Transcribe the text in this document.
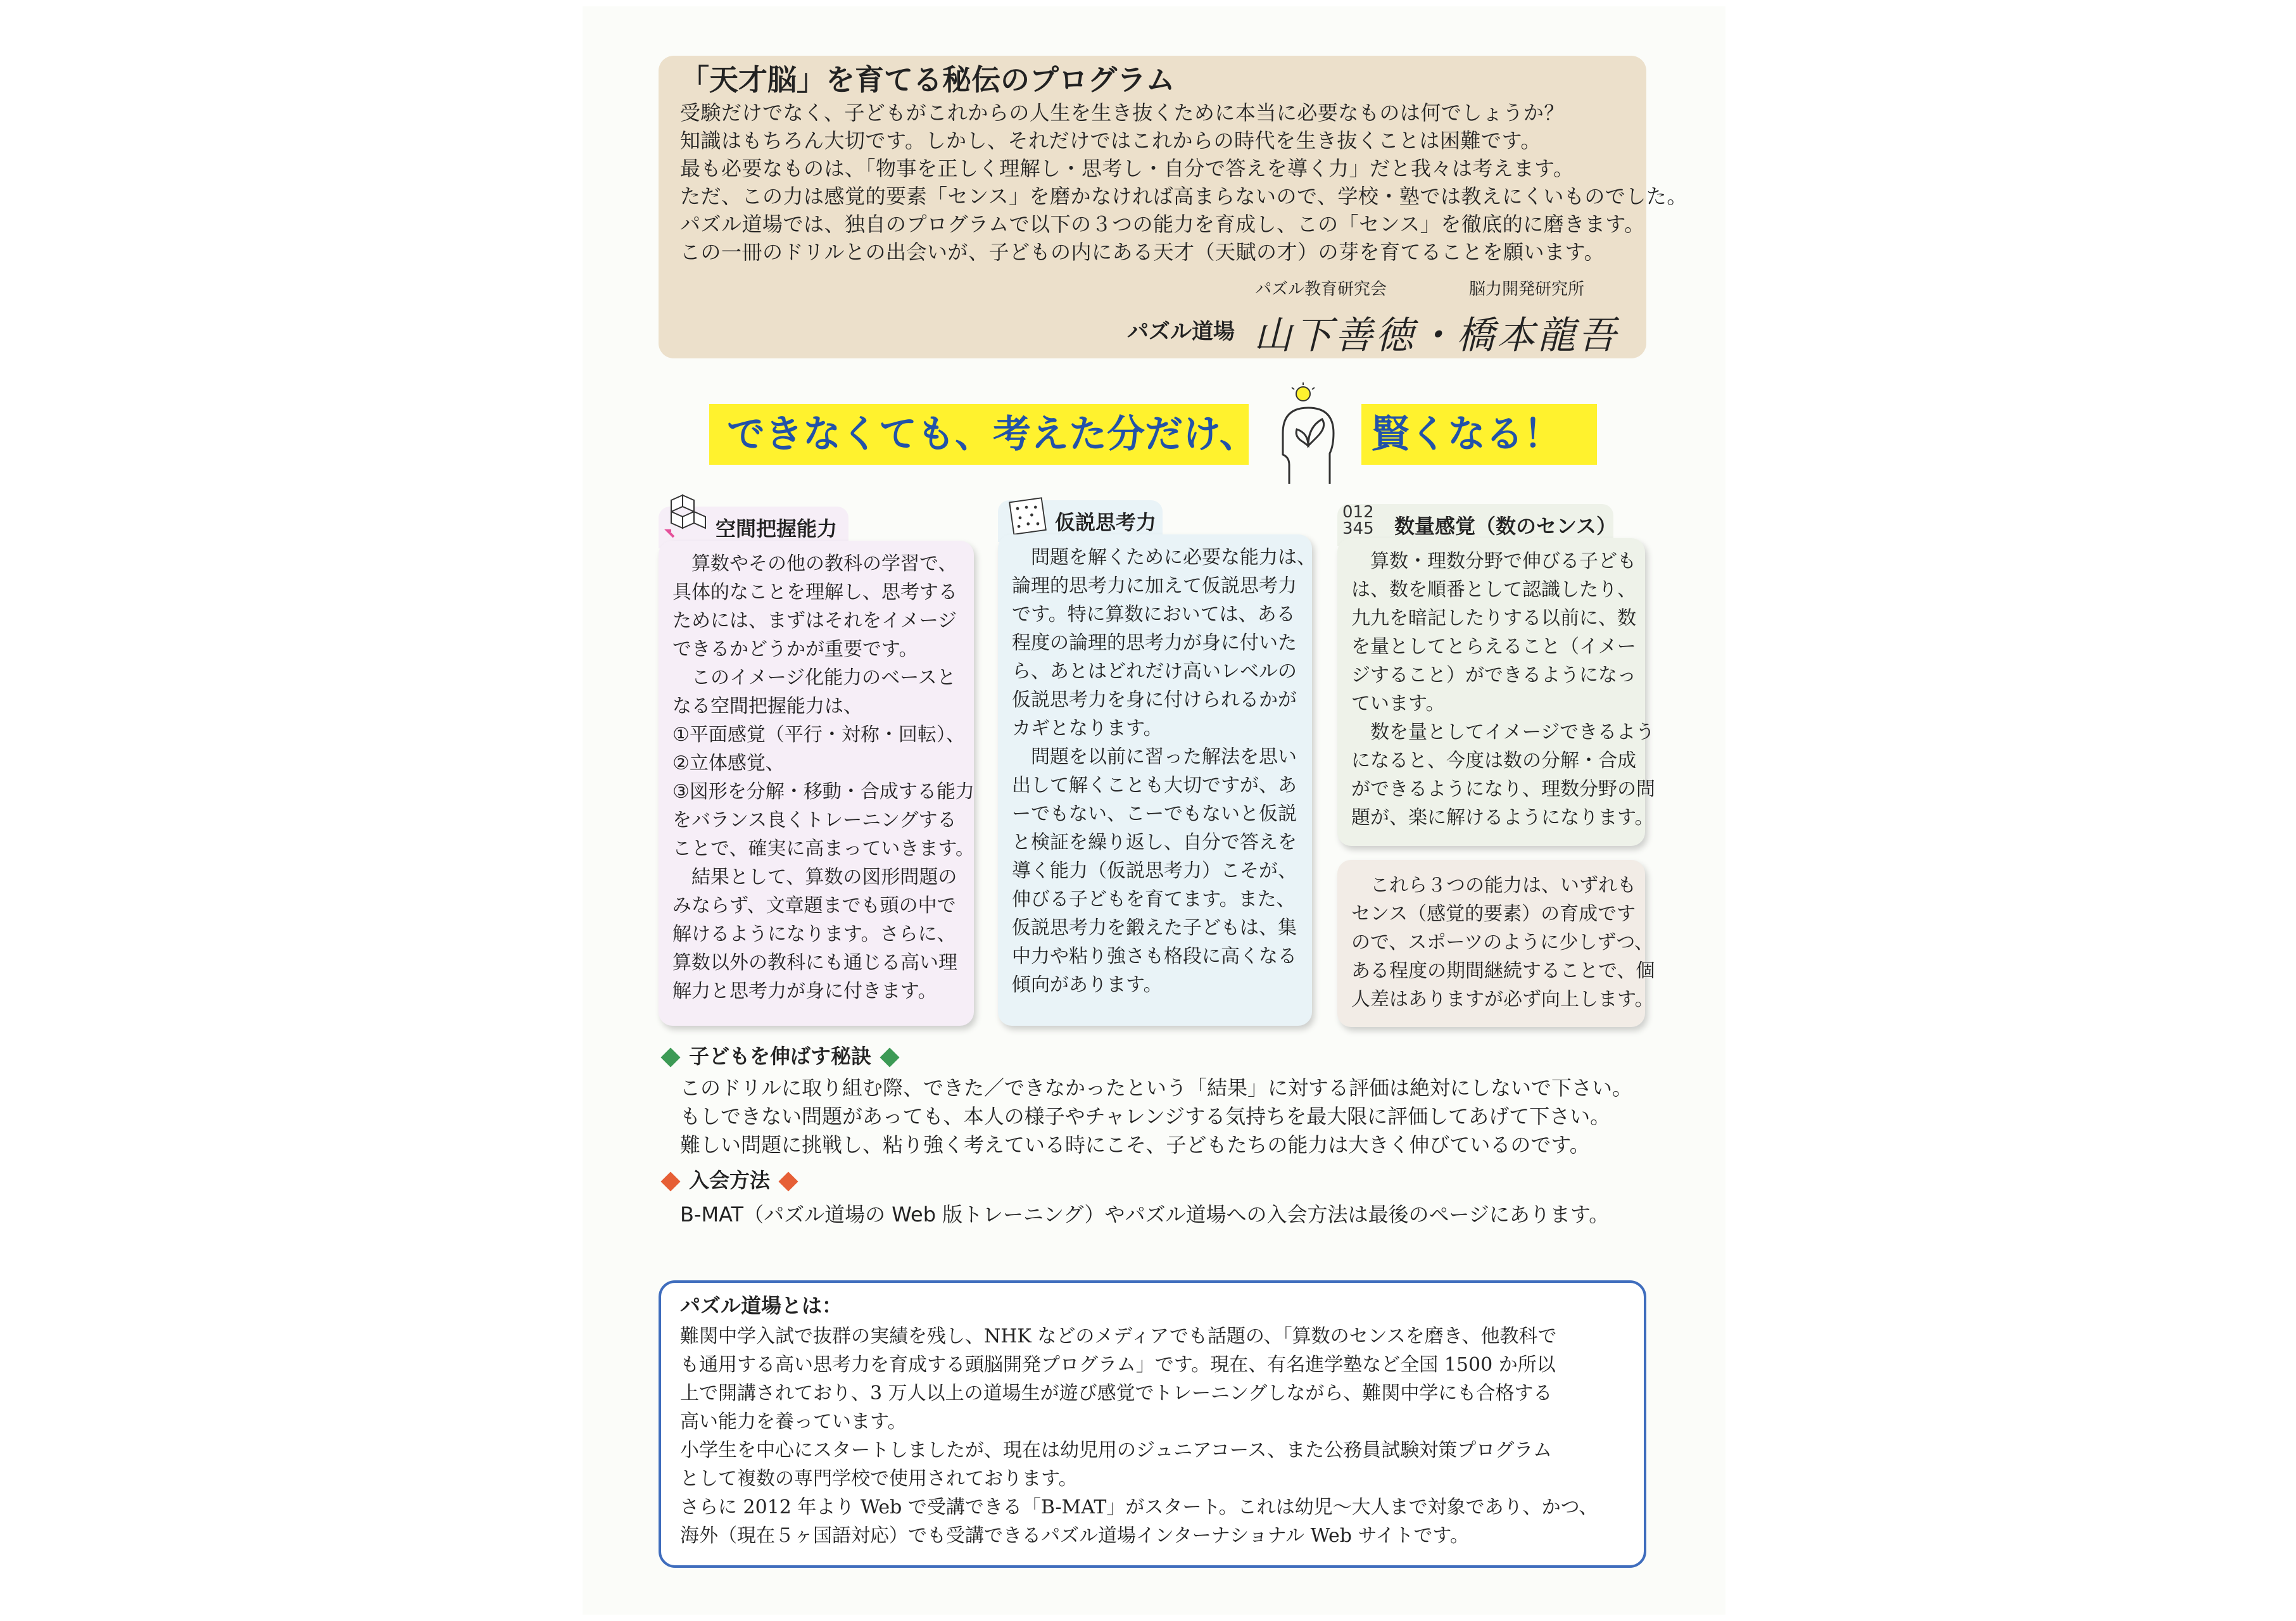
「天才脳」を育てる秘伝のプログラム

受験だけでなく、子どもがこれからの人生を生き抜くために本当に必要なものは何でしょうか？

知識はもちろん大切です。しかし、それだけではこれからの時代を生き抜くことは困難です。

最も必要なものは、「物事を正しく理解し・思考し・自分で答えを導く力」だと我々は考えます。

ただ、この力は感覚的要素「センス」を磨かなければ高まらないので、学校・塾では教えにくいものでした。

パズル道場では、独自のプログラムで以下の３つの能力を育成し、この「センス」を徹底的に磨きます。

この一冊のドリルとの出会いが、子どもの内にある天才（天賦の才）の芽を育てることを願います。

パズル教育研究会	脳力開発研究所
パズル道場 山下善徳・橋本龍吾
できなくても、考えた分だけ、	賢くなる！
空間把握能力

　算数やその他の教科の学習で、

具体的なことを理解し、思考する

ためには、まずはそれをイメージ

できるかどうかが重要です。

　このイメージ化能力のベースと

なる空間把握能力は、

①平面感覚（平行・対称・回転）、

②立体感覚、

③図形を分解・移動・合成する能力

をバランス良くトレーニングする

ことで、確実に高まっていきます。

　結果として、算数の図形問題の

みならず、文章題までも頭の中で

解けるようになります。さらに、

算数以外の教科にも通じる高い理

解力と思考力が身に付きます。

仮説思考力

　問題を解くために必要な能力は、

論理的思考力に加えて仮説思考力

です。特に算数においては、ある

程度の論理的思考力が身に付いた

ら、あとはどれだけ高いレベルの

仮説思考力を身に付けられるかが

カギとなります。

　問題を以前に習った解法を思い

出して解くことも大切ですが、あ

ーでもない、こーでもないと仮説

と検証を繰り返し、自分で答えを

導く能力（仮説思考力）こそが、

伸びる子どもを育てます。また、

仮説思考力を鍛えた子どもは、集

中力や粘り強さも格段に高くなる

傾向があります。

数量感覚（数のセンス）
012345

　算数・理数分野で伸びる子ども

は、数を順番として認識したり、

九九を暗記したりする以前に、数

を量としてとらえること（イメー

ジすること）ができるようになっ

ています。

　数を量としてイメージできるよう

になると、今度は数の分解・合成

ができるようになり、理数分野の問

題が、楽に解けるようになります。

　これら３つの能力は、いずれも

センス（感覚的要素）の育成です

ので、スポーツのように少しずつ、

ある程度の期間継続することで、個

人差はありますが必ず向上します。

子どもを伸ばす秘訣

このドリルに取り組む際、できた／できなかったという「結果」に対する評価は絶対にしないで下さい。

もしできない問題があっても、本人の様子やチャレンジする気持ちを最大限に評価してあげて下さい。

難しい問題に挑戦し、粘り強く考えている時にこそ、子どもたちの能力は大きく伸びているのです。

入会方法

B-MAT（パズル道場の Web 版トレーニング）やパズル道場への入会方法は最後のページにあります。

パズル道場とは：

難関中学入試で抜群の実績を残し、NHK などのメディアでも話題の、「算数のセンスを磨き、他教科で

も通用する高い思考力を育成する頭脳開発プログラム」です。現在、有名進学塾など全国 1500 か所以

上で開講されており、3 万人以上の道場生が遊び感覚でトレーニングしながら、難関中学にも合格する

高い能力を養っています。

小学生を中心にスタートしましたが、現在は幼児用のジュニアコース、また公務員試験対策プログラム

として複数の専門学校で使用されております。

さらに 2012 年より Web で受講できる「B-MAT」がスタート。これは幼児～大人まで対象であり、かつ、

海外（現在５ヶ国語対応）でも受講できるパズル道場インターナショナル Web サイトです。
